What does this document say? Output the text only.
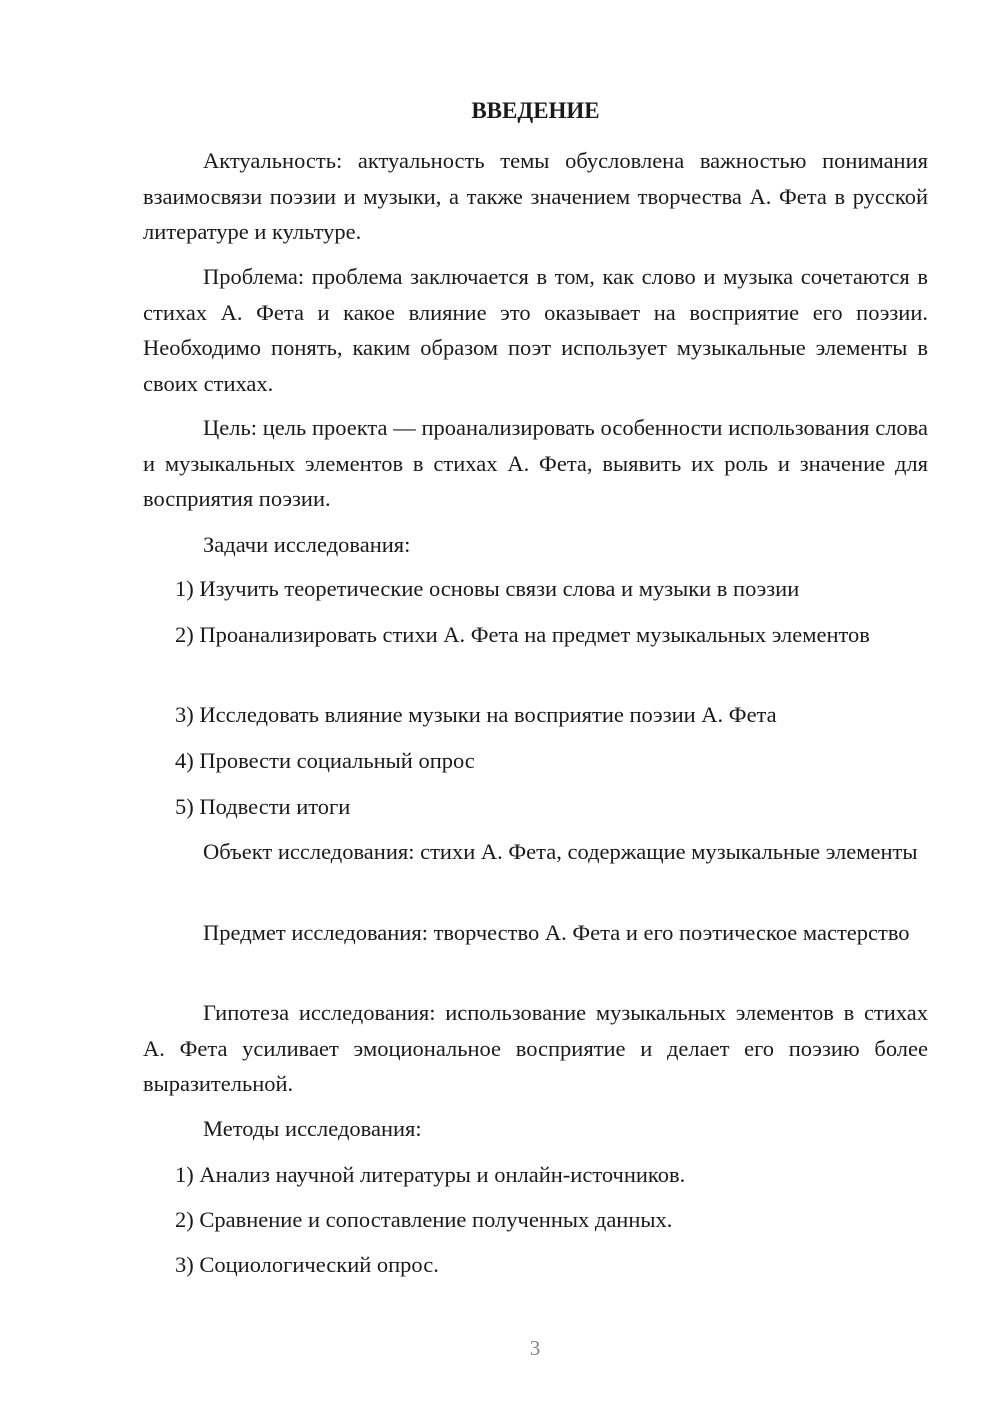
ВВЕДЕНИЕ

Актуальность: актуальность темы обусловлена важностью понимания взаимосвязи поэзии и музыки, а также значением творчества А. Фета в русской литературе и культуре.

Проблема: проблема заключается в том, как слово и музыка сочетаются в стихах А. Фета и какое влияние это оказывает на восприятие его поэзии. Необходимо понять, каким образом поэт использует музыкальные элементы в своих стихах.

Цель: цель проекта — проанализировать особенности использования слова и музыкальных элементов в стихах А. Фета, выявить их роль и значение для восприятия поэзии.

Задачи исследования:

1) Изучить теоретические основы связи слова и музыки в поэзии

2) Проанализировать стихи А. Фета на предмет музыкальных элементов

3) Исследовать влияние музыки на восприятие поэзии А. Фета

4) Провести социальный опрос

5) Подвести итоги

Объект исследования: стихи А. Фета, содержащие музыкальные элементы

Предмет исследования: творчество А. Фета и его поэтическое мастерство

Гипотеза исследования: использование музыкальных элементов в стихах А. Фета усиливает эмоциональное восприятие и делает его поэзию более выразительной.

Методы исследования:

1) Анализ научной литературы и онлайн-источников.

2) Сравнение и сопоставление полученных данных.

3) Социологический опрос.

3
